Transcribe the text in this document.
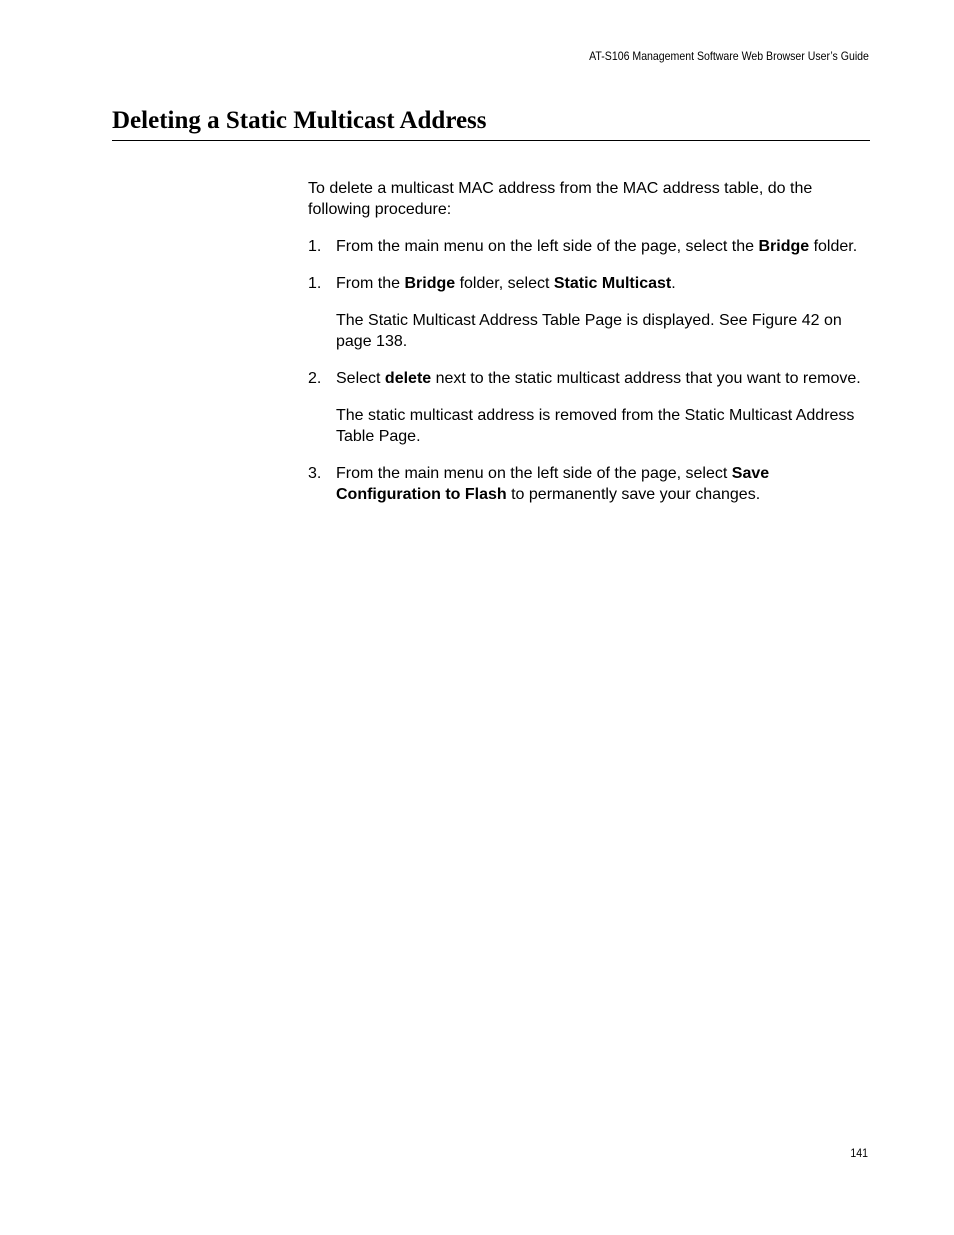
AT-S106 Management Software Web Browser User’s Guide
Deleting a Static Multicast Address

To delete a multicast MAC address from the MAC address table, do the following procedure:

1. From the main menu on the left side of the page, select the Bridge folder.
1. From the Bridge folder, select Static Multicast.

The Static Multicast Address Table Page is displayed. See Figure 42 on page 138.

2. Select delete next to the static multicast address that you want to remove.

The static multicast address is removed from the Static Multicast Address Table Page.

3. From the main menu on the left side of the page, select Save Configuration to Flash to permanently save your changes.
141
